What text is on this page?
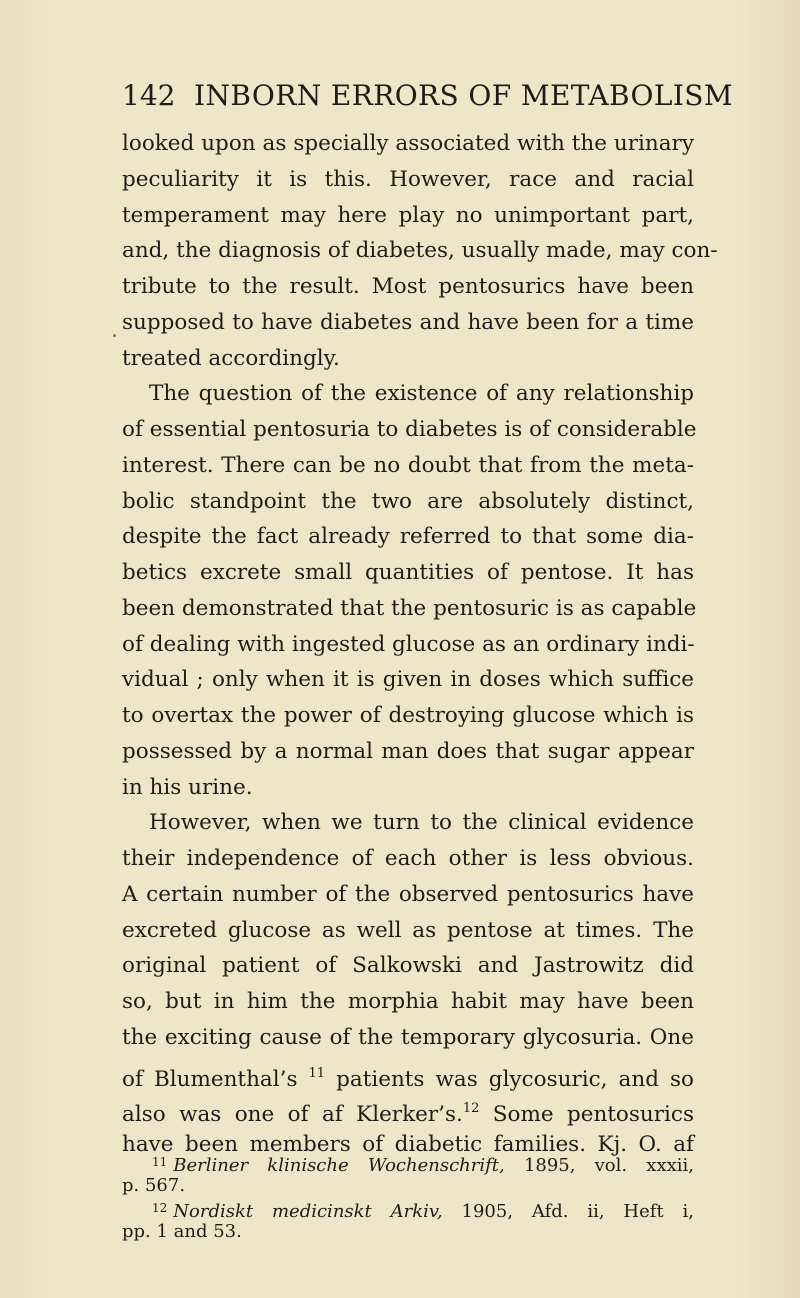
142 INBORN ERRORS OF METABOLISM
looked upon as specially associated with the urinary
peculiarity it is this. However, race and racial
temperament may here play no unimportant part,
and, the diagnosis of diabetes, usually made, may con-
tribute to the result. Most pentosurics have been
supposed to have diabetes and have been for a time
treated accordingly.
The question of the existence of any relationship
of essential pentosuria to diabetes is of considerable
interest. There can be no doubt that from the meta-
bolic standpoint the two are absolutely distinct,
despite the fact already referred to that some dia-
betics excrete small quantities of pentose. It has
been demonstrated that the pentosuric is as capable
of dealing with ingested glucose as an ordinary indi-
vidual ; only when it is given in doses which suffice
to overtax the power of destroying glucose which is
possessed by a normal man does that sugar appear
in his urine.
However, when we turn to the clinical evidence
their independence of each other is less obvious.
A certain number of the observed pentosurics have
excreted glucose as well as pentose at times. The
original patient of Salkowski and Jastrowitz did
so, but in him the morphia habit may have been
the exciting cause of the temporary glycosuria. One
of Blumenthal’s $^{11}$ patients was glycosuric, and so
also was one of af Klerker’s.$^{12}$ Some pentosurics
have been members of diabetic families. Kj. O. af
$^{11}$ Berliner klinische Wochenschrift, 1895, vol. xxxii,
p. 567.
$^{12}$ Nordiskt medicinskt Arkiv, 1905, Afd. ii, Heft i,
pp. 1 and 53.
